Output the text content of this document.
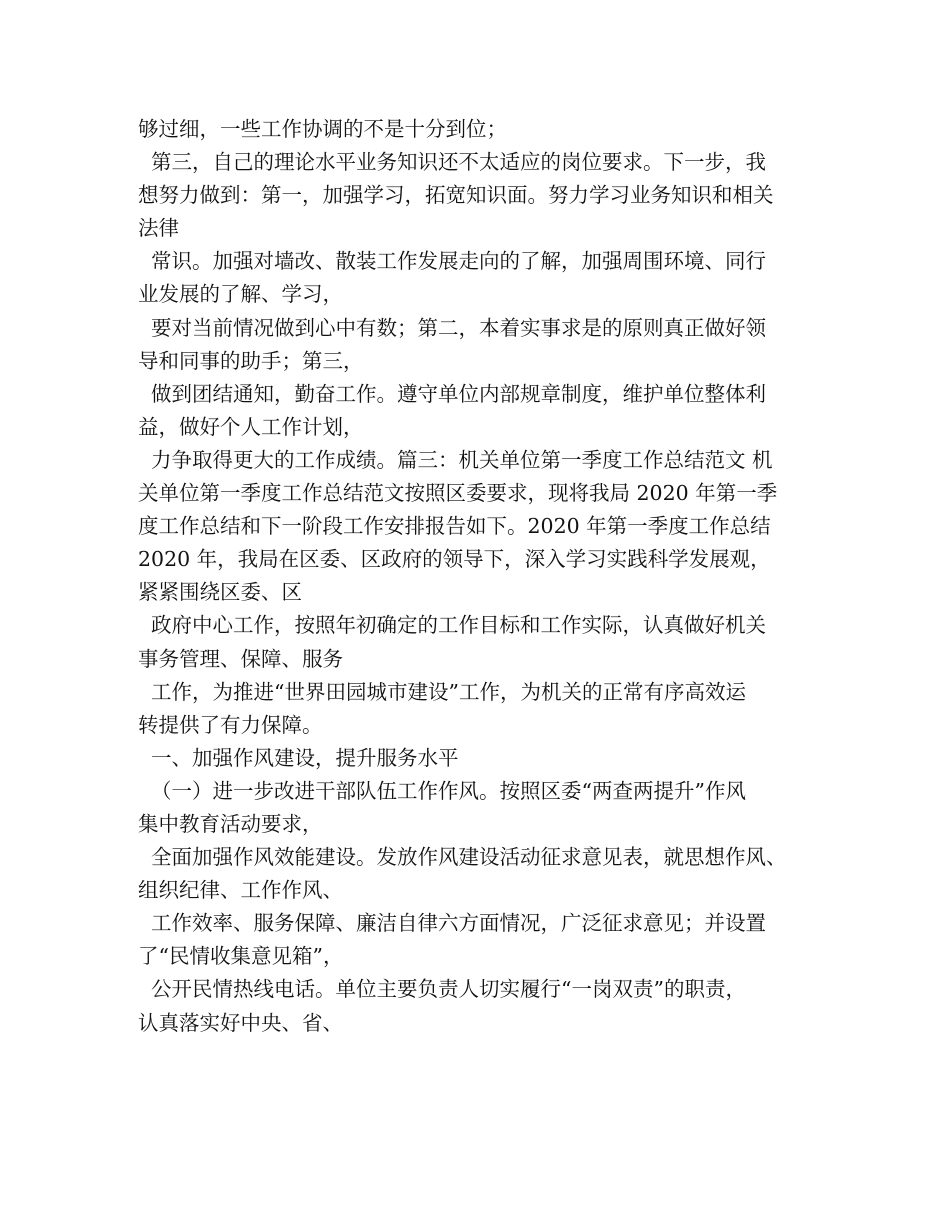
够过细，一些工作协调的不是十分到位；
第三，自己的理论水平业务知识还不太适应的岗位要求。下一步，我
想努力做到：第一，加强学习，拓宽知识面。努力学习业务知识和相关
法律
常识。加强对墙改、散装工作发展走向的了解，加强周围环境、同行
业发展的了解、学习，
要对当前情况做到心中有数；第二，本着实事求是的原则真正做好领
导和同事的助手；第三，
做到团结通知，勤奋工作。遵守单位内部规章制度，维护单位整体利
益，做好个人工作计划，
力争取得更大的工作成绩。篇三：机关单位第一季度工作总结范文 机
关单位第一季度工作总结范文按照区委要求，现将我局 2020 年第一季
度工作总结和下一阶段工作安排报告如下。2020 年第一季度工作总结
2020 年，我局在区委、区政府的领导下，深入学习实践科学发展观，
紧紧围绕区委、区
政府中心工作，按照年初确定的工作目标和工作实际，认真做好机关
事务管理、保障、服务
工作，为推进“世界田园城市建设”工作，为机关的正常有序高效运
转提供了有力保障。
一、加强作风建设，提升服务水平
（一）进一步改进干部队伍工作作风。按照区委“两查两提升”作风
集中教育活动要求，
全面加强作风效能建设。发放作风建设活动征求意见表，就思想作风、
组织纪律、工作作风、
工作效率、服务保障、廉洁自律六方面情况，广泛征求意见；并设置
了“民情收集意见箱”，
公开民情热线电话。单位主要负责人切实履行“一岗双责”的职责，
认真落实好中央、省、
